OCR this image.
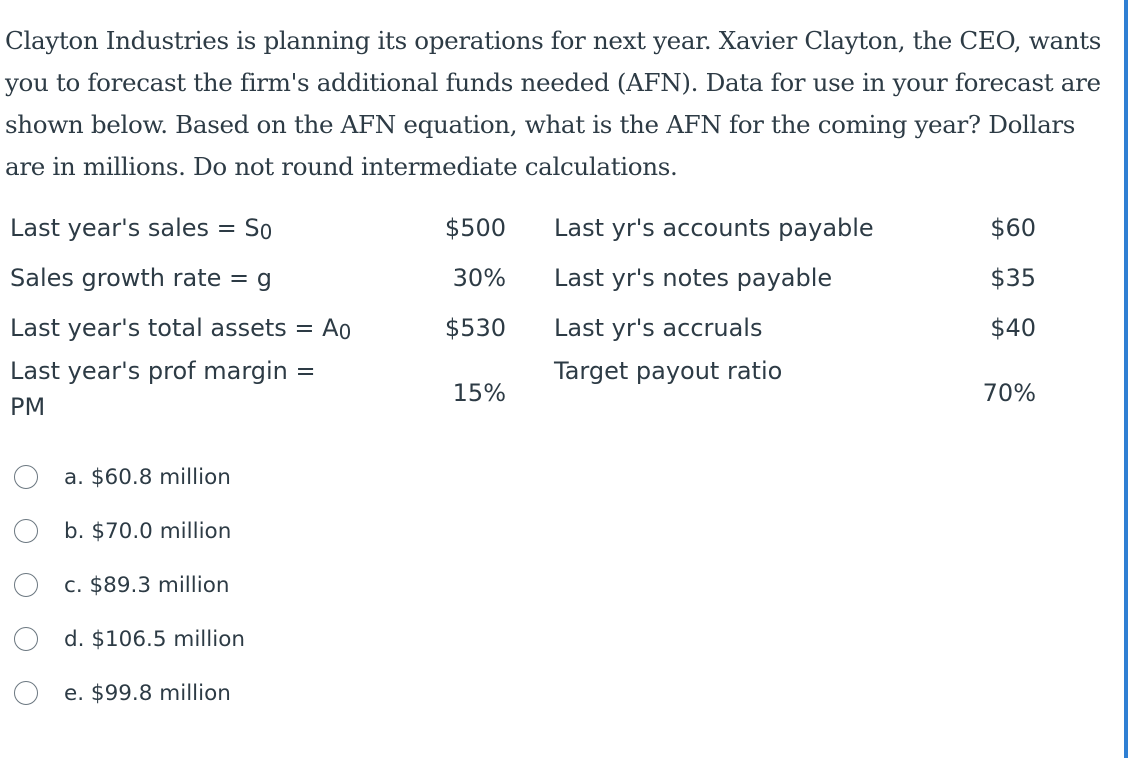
Clayton Industries is planning its operations for next year. Xavier Clayton, the CEO, wants you to forecast the firm's additional funds needed (AFN). Data for use in your forecast are shown below. Based on the AFN equation, what is the AFN for the coming year? Dollars are in millions. Do not round intermediate calculations.

Last year's sales = S0	$500	Last yr's accounts payable	$60
Sales growth rate = g	30%	Last yr's notes payable	$35
Last year's total assets = A0	$530	Last yr's accruals	$40
Last year's prof margin = PM	15%	Target payout ratio	70%
a. $60.8 million
b. $70.0 million
c. $89.3 million
d. $106.5 million
e. $99.8 million
